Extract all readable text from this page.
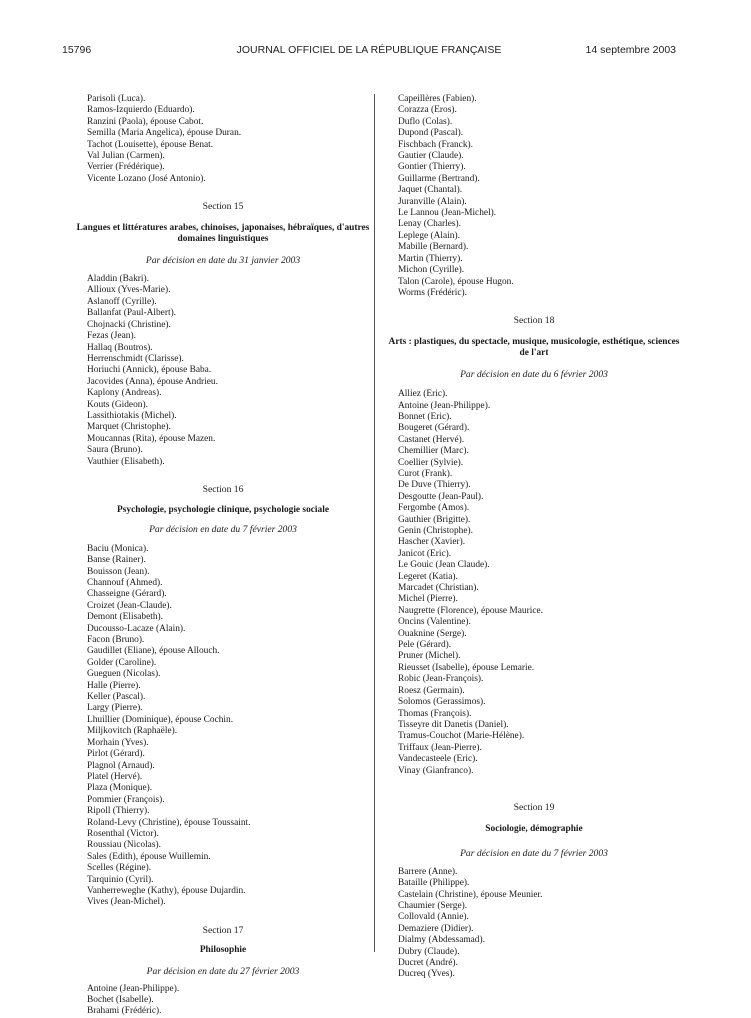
15796	JOURNAL OFFICIEL DE LA RÉPUBLIQUE FRANÇAISE	14 septembre 2003
Parisoli (Luca).
Ramos-Izquierdo (Eduardo).
Ranzini (Paola), épouse Cabot.
Semilla (Maria Angelica), épouse Duran.
Tachot (Louisette), épouse Benat.
Val Julian (Carmen).
Verrier (Frédérique).
Vicente Lozano (José Antonio).
Section 15
Langues et littératures arabes, chinoises, japonaises, hébraïques, d'autres domaines linguistiques
Par décision en date du 31 janvier 2003
Aladdin (Bakri).
Allioux (Yves-Marie).
Aslanoff (Cyrille).
Ballanfat (Paul-Albert).
Chojnacki (Christine).
Fezas (Jean).
Hallaq (Boutros).
Herrenschmidt (Clarisse).
Horiuchi (Annick), épouse Baba.
Jacovides (Anna), épouse Andrieu.
Kaplony (Andreas).
Kouts (Gideon).
Lassithiotakis (Michel).
Marquet (Christophe).
Moucannas (Rita), épouse Mazen.
Saura (Bruno).
Vauthier (Elisabeth).
Section 16
Psychologie, psychologie clinique, psychologie sociale
Par décision en date du 7 février 2003
Baciu (Monica).
Banse (Rainer).
Bouisson (Jean).
Channouf (Ahmed).
Chasseigne (Gérard).
Croizet (Jean-Claude).
Demont (Elisabeth).
Ducousso-Lacaze (Alain).
Facon (Bruno).
Gaudillet (Eliane), épouse Allouch.
Golder (Caroline).
Gueguen (Nicolas).
Halle (Pierre).
Keller (Pascal).
Largy (Pierre).
Lhuillier (Dominique), épouse Cochin.
Miljkovitch (Raphaële).
Morhain (Yves).
Pirlot (Gérard).
Plagnol (Arnaud).
Platel (Hervé).
Plaza (Monique).
Pommier (François).
Ripoll (Thierry).
Roland-Levy (Christine), épouse Toussaint.
Rosenthal (Victor).
Roussiau (Nicolas).
Sales (Edith), épouse Wuillemin.
Scelles (Régine).
Tarquinio (Cyril).
Vanherreweghe (Kathy), épouse Dujardin.
Vives (Jean-Michel).
Section 17
Philosophie
Par décision en date du 27 février 2003
Antoine (Jean-Philippe).
Bochet (Isabelle).
Brahami (Frédéric).
Capeillères (Fabien).
Corazza (Eros).
Duflo (Colas).
Dupond (Pascal).
Fischbach (Franck).
Gautier (Claude).
Gontier (Thierry).
Guillarme (Bertrand).
Jaquet (Chantal).
Juranville (Alain).
Le Lannou (Jean-Michel).
Lenay (Charles).
Leplege (Alain).
Mabille (Bernard).
Martin (Thierry).
Michon (Cyrille).
Talon (Carole), épouse Hugon.
Worms (Frédéric).
Section 18
Arts : plastiques, du spectacle, musique, musicologie, esthétique, sciences de l'art
Par décision en date du 6 février 2003
Alliez (Eric).
Antoine (Jean-Philippe).
Bonnet (Eric).
Bougeret (Gérard).
Castanet (Hervé).
Chemillier (Marc).
Coellier (Sylvie).
Curot (Frank).
De Duve (Thierry).
Desgoutte (Jean-Paul).
Fergombe (Amos).
Gauthier (Brigitte).
Genin (Christophe).
Hascher (Xavier).
Janicot (Eric).
Le Gouic (Jean Claude).
Legeret (Katia).
Marcadet (Christian).
Michel (Pierre).
Naugrette (Florence), épouse Maurice.
Oncins (Valentine).
Ouaknine (Serge).
Pele (Gérard).
Pruner (Michel).
Rieusset (Isabelle), épouse Lemarie.
Robic (Jean-François).
Roesz (Germain).
Solomos (Gerassimos).
Thomas (François).
Tisseyre dit Danetis (Daniel).
Tramus-Couchot (Marie-Hélène).
Triffaux (Jean-Pierre).
Vandecasteele (Eric).
Vinay (Gianfranco).
Section 19
Sociologie, démographie
Par décision en date du 7 février 2003
Barrere (Anne).
Bataille (Philippe).
Castelain (Christine), épouse Meunier.
Chaumier (Serge).
Collovald (Annie).
Demaziere (Didier).
Dialmy (Abdessamad).
Dubry (Claude).
Ducret (André).
Ducreq (Yves).
